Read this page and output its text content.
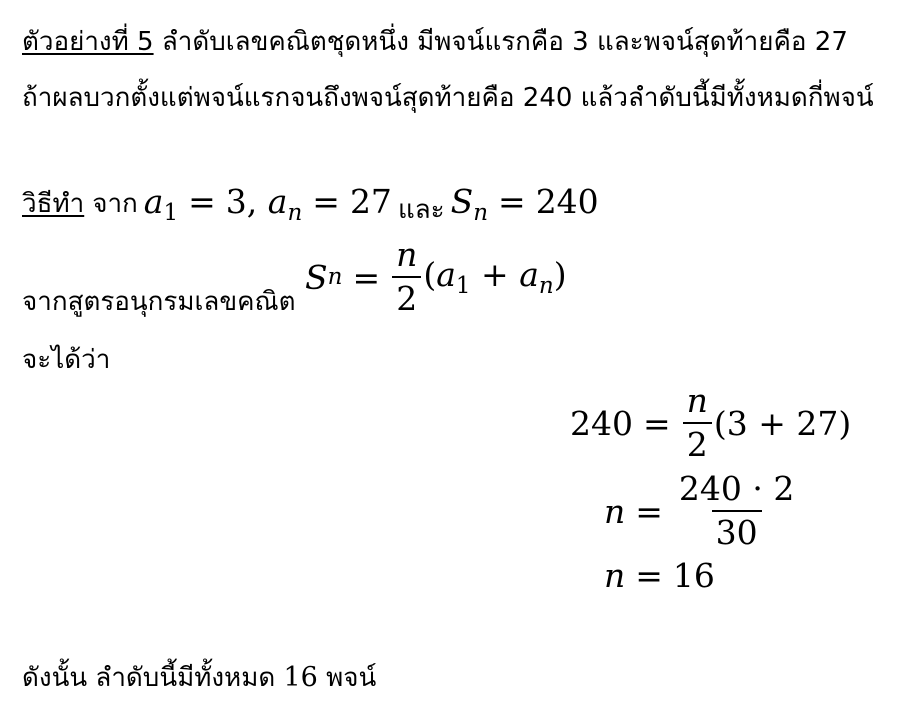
ตัวอย่างที่ 5 ลำดับเลขคณิตชุดหนึ่ง มีพจน์แรกคือ 3 และพจน์สุดท้ายคือ 27
ถ้าผลบวกตั้งแต่พจน์แรกจนถึงพจน์สุดท้ายคือ 240 แล้วลำดับนี้มีทั้งหมดกี่พจน์
วิธีทำ จาก $a_1 = 3$, $a_n = 27$ และ $S_n = 240$
จากสูตรอนุกรมเลขคณิต
S $n = \frac{n}{2} (a_1 + a_n)$
จะได้ว่า
$240 = \frac{n}{2} (3 + 27)$
$n = \frac{240 \cdot 2}{30}$
n = 16
ดังนั้น ลำดับนี้มีทั้งหมด 16 พจน์
